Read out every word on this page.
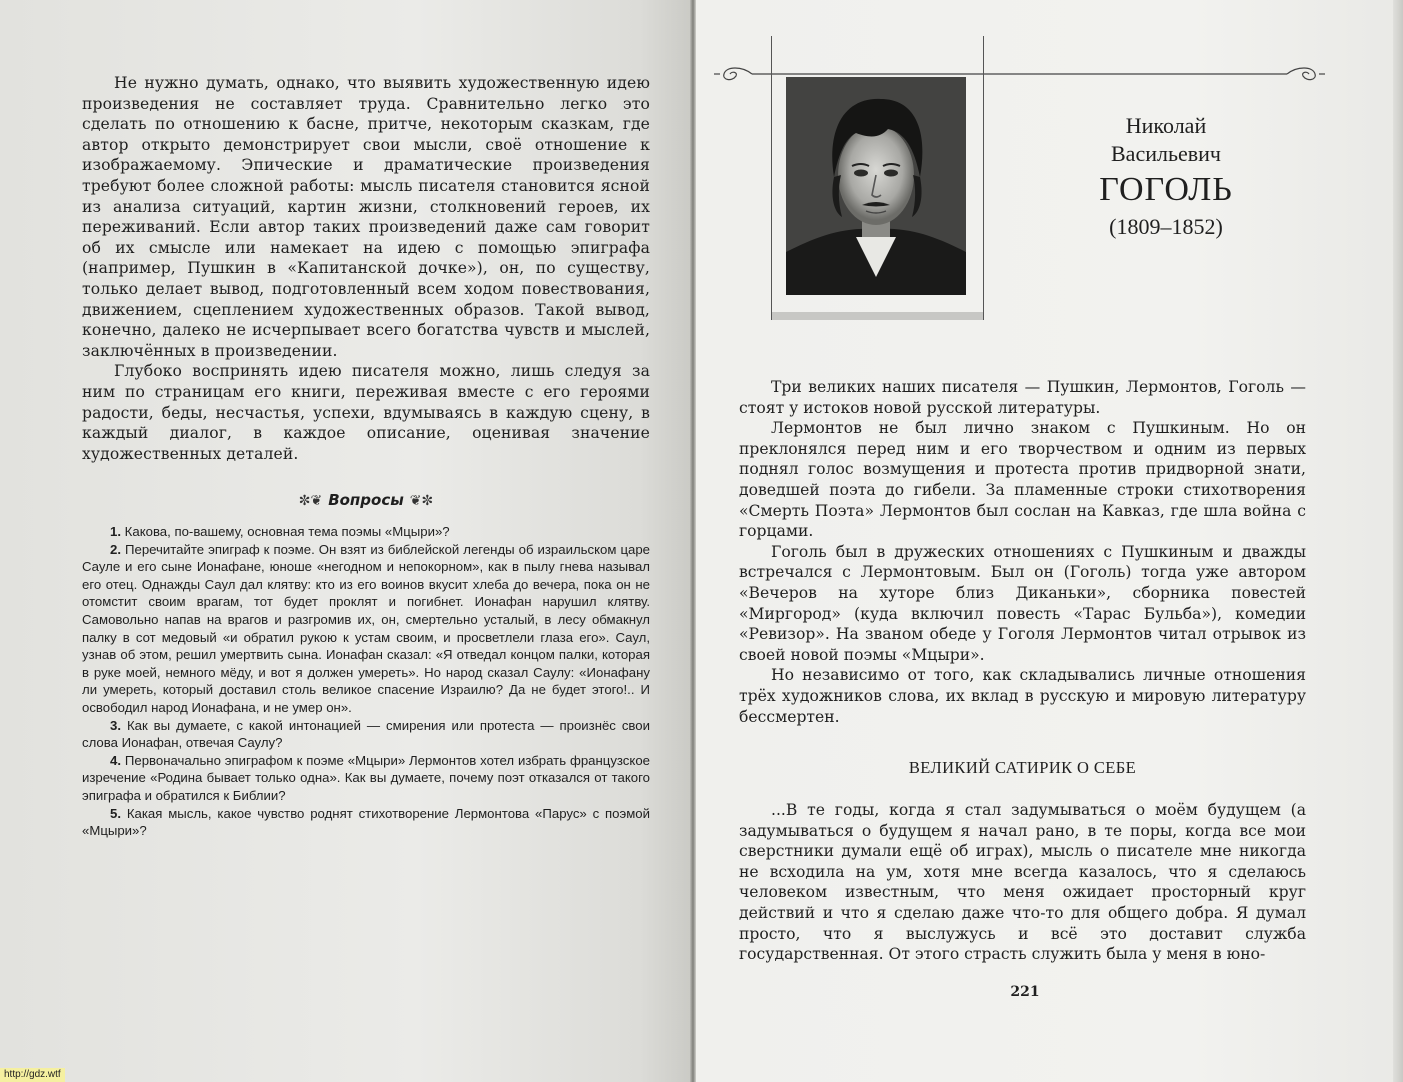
Не нужно думать, однако, что выявить художественную идею произведения не составляет труда. Сравнительно легко это сделать по отношению к басне, притче, некоторым сказкам, где автор открыто демонстрирует свои мысли, своё отношение к изображаемому. Эпические и драматические произведения требуют более сложной работы: мысль писателя становится ясной из анализа ситуаций, картин жизни, столкновений героев, их переживаний. Если автор таких произведений даже сам говорит об их смысле или намекает на идею с помощью эпиграфа (например, Пушкин в «Капитанской дочке»), он, по существу, только делает вывод, подготовленный всем ходом повествования, движением, сцеплением художественных образов. Такой вывод, конечно, далеко не исчерпывает всего богатства чувств и мыслей, заключённых в произведении.

Глубоко воспринять идею писателя можно, лишь следуя за ним по страницам его книги, переживая вместе с его героями радости, беды, несчастья, успехи, вдумываясь в каждую сцену, в каждый диалог, в каждое описание, оценивая значение художественных деталей.

✼❦ Вопросы ❦✼

1. Какова, по-вашему, основная тема поэмы «Мцыри»?

2. Перечитайте эпиграф к поэме. Он взят из библейской легенды об израильском царе Сауле и его сыне Ионафане, юноше «негодном и непокорном», как в пылу гнева называл его отец. Однажды Саул дал клятву: кто из его воинов вкусит хлеба до вечера, пока он не отомстит своим врагам, тот будет проклят и погибнет. Ионафан нарушил клятву. Самовольно напав на врагов и разгромив их, он, смертельно усталый, в лесу обмакнул палку в сот медовый «и обратил рукою к устам своим, и просветлели глаза его». Саул, узнав об этом, решил умертвить сына. Ионафан сказал: «Я отведал концом палки, которая в руке моей, немного мёду, и вот я должен умереть». Но народ сказал Саулу: «Ионафану ли умереть, который доставил столь великое спасение Израилю? Да не будет этого!.. И освободил народ Ионафана, и не умер он».

3. Как вы думаете, с какой интонацией — смирения или протеста — произнёс свои слова Ионафан, отвечая Саулу?

4. Первоначально эпиграфом к поэме «Мцыри» Лермонтов хотел избрать французское изречение «Родина бывает только одна». Как вы думаете, почему поэт отказался от такого эпиграфа и обратился к Библии?

5. Какая мысль, какое чувство роднят стихотворение Лермонтова «Парус» с поэмой «Мцыри»?

Николай
Васильевич
ГОГОЛЬ
(1809–1852)

Три великих наших писателя — Пушкин, Лермонтов, Гоголь — стоят у истоков новой русской литературы.

Лермонтов не был лично знаком с Пушкиным. Но он преклонялся перед ним и его творчеством и одним из первых поднял голос возмущения и протеста против придворной знати, доведшей поэта до гибели. За пламенные строки стихотворения «Смерть Поэта» Лермонтов был сослан на Кавказ, где шла война с горцами.

Гоголь был в дружеских отношениях с Пушкиным и дважды встречался с Лермонтовым. Был он (Гоголь) тогда уже автором «Вечеров на хуторе близ Диканьки», сборника повестей «Миргород» (куда включил повесть «Тарас Бульба»), комедии «Ревизор». На званом обеде у Гоголя Лермонтов читал отрывок из своей новой поэмы «Мцыри».

Но независимо от того, как складывались личные отношения трёх художников слова, их вклад в русскую и мировую литературу бессмертен.

ВЕЛИКИЙ САТИРИК О СЕБЕ

...В те годы, когда я стал задумываться о моём будущем (а задумываться о будущем я начал рано, в те поры, когда все мои сверстники думали ещё об играх), мысль о писателе мне никогда не всходила на ум, хотя мне всегда казалось, что я сделаюсь человеком известным, что меня ожидает просторный круг действий и что я сделаю даже что-то для общего добра. Я думал просто, что я выслужусь и всё это доставит служба государственная. От этого страсть служить была у меня в юно-

221
http://gdz.wtf
